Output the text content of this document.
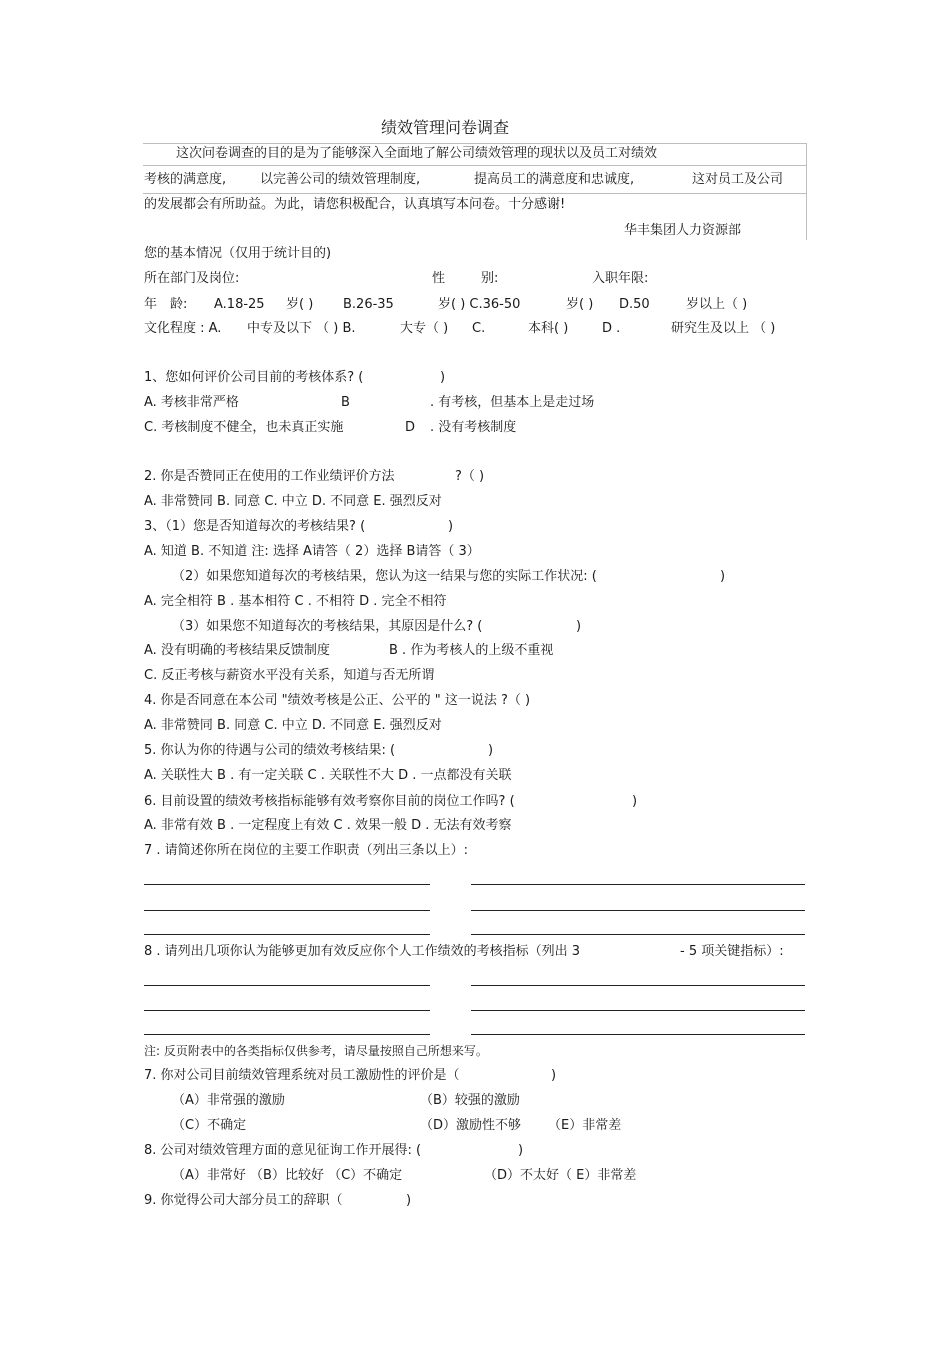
绩效管理问卷调查
这次问卷调查的目的是为了能够深入全面地了解公司绩效管理的现状以及员工对绩效
考核的满意度,	以完善公司的绩效管理制度,	提高员工的满意度和忠诚度,	这对员工及公司
的发展都会有所助益。为此，请您积极配合，认真填写本问卷。十分感谢!
华丰集团人力资源部
您的基本情况（仅用于统计目的)
所在部门及岗位:	性	别:	入职年限:
年 龄: A.18-25 岁( ) B.26-35	岁( ) C.36-50	岁( ) D.50	岁以上（ )
文化程度 : A. 中专及以下 （ ) B.	大专（ ) C.	本科( )	D .	研究生及以上 （ )
1、您如何评价公司目前的考核体系? (	)
A. 考核非常严格	B	. 有考核，但基本上是走过场
C. 考核制度不健全，也未真正实施	D . 没有考核制度
2. 你是否赞同正在使用的工作业绩评价方法	?（ )
A. 非常赞同 B. 同意 C. 中立 D. 不同意 E. 强烈反对
3、（1）您是否知道每次的考核结果? (	)
A. 知道 B. 不知道 注: 选择 A请答（ 2）选择 B请答（ 3）
（2）如果您知道每次的考核结果，您认为这一结果与您的实际工作状况: (	)
A. 完全相符 B . 基本相符 C . 不相符 D . 完全不相符
（3）如果您不知道每次的考核结果，其原因是什么? (	)
A. 没有明确的考核结果反馈制度	B . 作为考核人的上级不重视
C. 反正考核与薪资水平没有关系，知道与否无所谓
4. 你是否同意在本公司 "绩效考核是公正、公平的 " 这一说法 ?（ )
A. 非常赞同 B. 同意 C. 中立 D. 不同意 E. 强烈反对
5. 你认为你的待遇与公司的绩效考核结果: (	)
A. 关联性大 B . 有一定关联 C . 关联性不大 D . 一点都没有关联
6. 目前设置的绩效考核指标能够有效考察你目前的岗位工作吗? (	)
A. 非常有效 B . 一定程度上有效 C . 效果一般 D . 无法有效考察
7 . 请简述你所在岗位的主要工作职责（列出三条以上）:
8 . 请列出几项你认为能够更加有效反应你个人工作绩效的考核指标（列出 3	- 5 项关键指标）:
注: 反页附表中的各类指标仅供参考，请尽量按照自己所想来写。
7. 你对公司目前绩效管理系统对员工激励性的评价是（	)
（A）非常强的激励	（B）较强的激励
（C）不确定	（D）激励性不够 （E）非常差
8. 公司对绩效管理方面的意见征询工作开展得: (	)
（A）非常好 （B）比较好 （C）不确定	（D）不太好（ E）非常差
9. 你觉得公司大部分员工的辞职（	)
